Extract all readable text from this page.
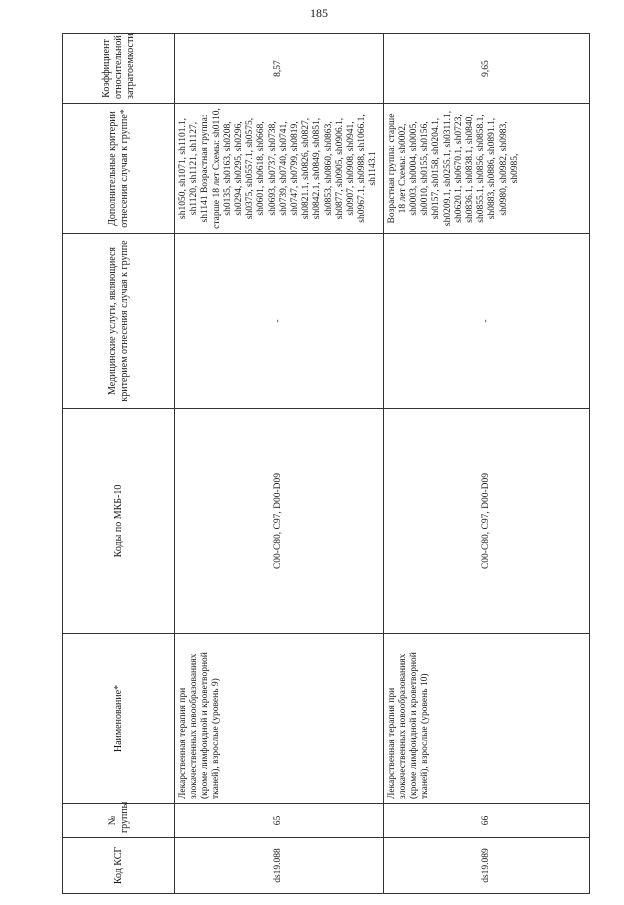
185
Код КСГ	№ группы	Наименование*	Коды по МКБ-10	Медицинские услуги, являющиеся критерием отнесения случая к группе	Дополнительные критерии отнесения случая к группе*	Коэффициент относительной затратоемкости
ds19.088	65	Лекарственная терапия при злокачественных новообразованиях (кроме лимфоидной и кроветворной тканей), взрослые (уровень 9)	C00-C80, C97, D00-D09	-	sh1050, sh1071, sh1101.1, sh1120, sh1121, sh1127, sh1141 Возрастная группа: старше 18 лет Схемы: sh0110, sh0135, sh0163, sh0208, sh0294, sh0295, sh0296, sh0375, sh0557.1, sh0575, sh0601, sh0618, sh0668, sh0693, sh0737, sh0738, sh0739, sh0740, sh0741, sh0747, sh0799, sh0819, sh0821.1, sh0826, sh0827, sh0842.1, sh0849, sh0851, sh0853, sh0860, sh0863, sh0877, sh0905, sh0906.1, sh0907, sh0908, sh0941, sh0967.1, sh0988, sh1066.1, sh1143.1	8,57
ds19.089	66	Лекарственная терапия при злокачественных новообразованиях (кроме лимфоидной и кроветворной тканей), взрослые (уровень 10)	C00-C80, C97, D00-D09	-	Возрастная группа: старше 18 лет Схемы: sh0002, sh0003, sh0004, sh0005, sh0010, sh0155, sh0156, sh0157, sh0158, sh0204.1, sh0209.1, sh0255.1, sh0311.1, sh0620.1, sh0670.1, sh0723, sh0836.1, sh0838.1, sh0840, sh0855.1, sh0856, sh0858.1, sh0883, sh0886, sh0891.1, sh0980, sh0982, sh0983, sh0985,	9,65
